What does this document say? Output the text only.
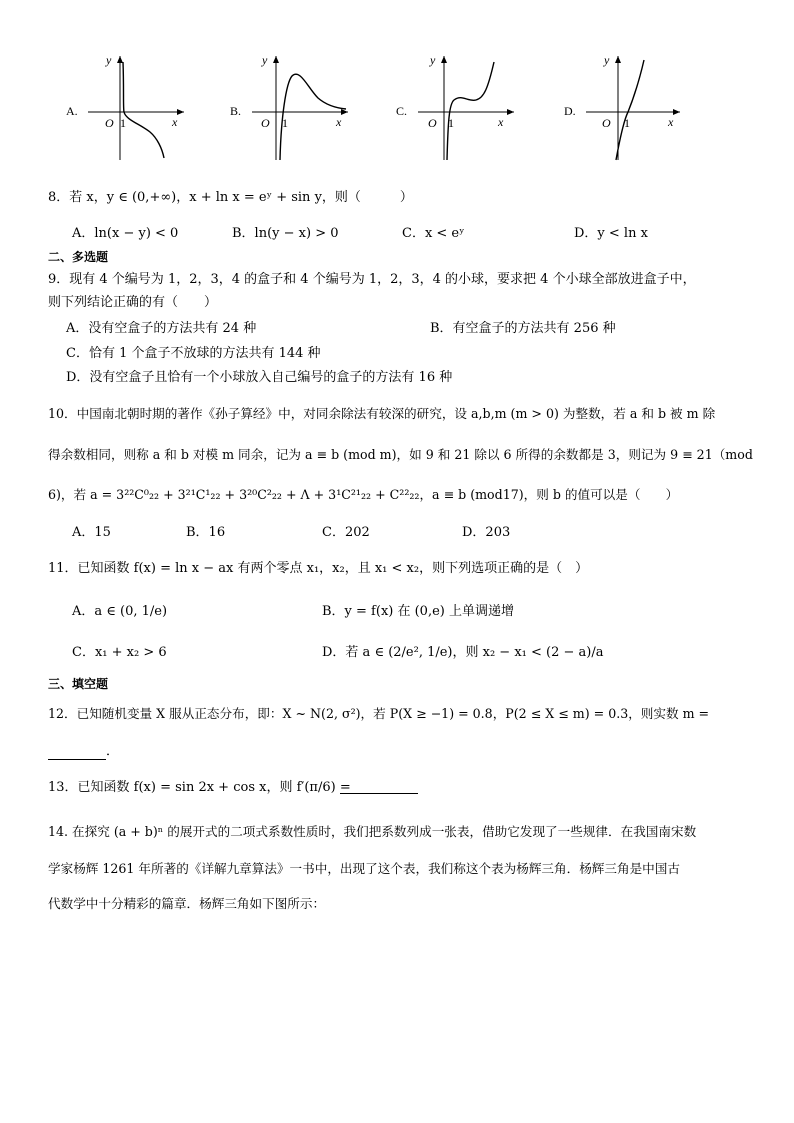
A.
y
x
O 1
B.
y
x
O 1
C.
y
x
O 1
D.
y
x
O 1
8．若 x，y ∈ (0,+∞)，x + ln x = eʸ + sin y，则（　　　）
A．ln(x − y) < 0	B．ln(y − x) > 0	C．x < eʸ	D．y < ln x
二、多选题
9．现有 4 个编号为 1，2，3，4 的盒子和 4 个编号为 1，2，3，4 的小球，要求把 4 个小球全部放进盒子中，
则下列结论正确的有（　　）
A．没有空盒子的方法共有 24 种	B．有空盒子的方法共有 256 种
C．恰有 1 个盒子不放球的方法共有 144 种
D．没有空盒子且恰有一个小球放入自己编号的盒子的方法有 16 种
10．中国南北朝时期的著作《孙子算经》中，对同余除法有较深的研究，设 a,b,m (m > 0) 为整数，若 a 和 b 被 m 除
得余数相同，则称 a 和 b 对模 m 同余，记为 a ≡ b (mod m)，如 9 和 21 除以 6 所得的余数都是 3，则记为 9 ≡ 21（mod
6)，若 a = 3²²C⁰₂₂ + 3²¹C¹₂₂ + 3²⁰C²₂₂ + Λ + 3¹C²¹₂₂ + C²²₂₂，a ≡ b (mod17)，则 b 的值可以是（　　）
A．15	B．16	C．202	D．203
11．已知函数 f(x) = ln x − ax 有两个零点 x₁，x₂，且 x₁ < x₂，则下列选项正确的是（　）
A．a ∈ (0, 1/e)	B．y = f(x) 在 (0,e) 上单调递增
C．x₁ + x₂ > 6	D．若 a ∈ (2/e², 1/e)，则 x₂ − x₁ < (2 − a)/a
三、填空题
12．已知随机变量 X 服从正态分布，即：X ~ N(2, σ²)，若 P(X ≥ −1) = 0.8，P(2 ≤ X ≤ m) = 0.3，则实数 m =
．
13．已知函数 f(x) = sin 2x + cos x，则 f′(π/6) =

14. 在探究 (a + b)ⁿ 的展开式的二项式系数性质时，我们把系数列成一张表，借助它发现了一些规律．在我国南宋数
学家杨辉 1261 年所著的《详解九章算法》一书中，出现了这个表，我们称这个表为杨辉三角．杨辉三角是中国古
代数学中十分精彩的篇章．杨辉三角如下图所示：
